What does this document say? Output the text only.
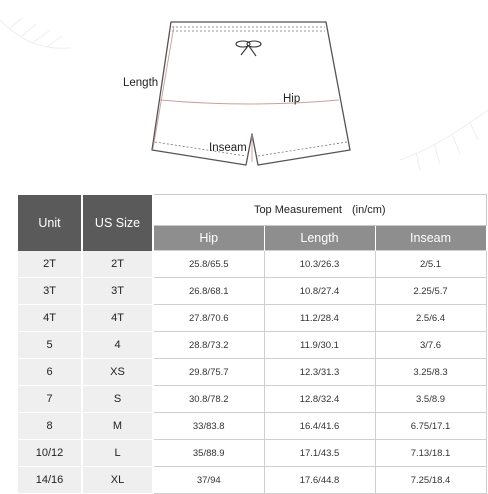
Length
Hip
Inseam
Unit	US Size	Top Measurement (in/cm)		
		Hip	Length	Inseam
2T	2T	25.8/65.5	10.3/26.3	2/5.1
3T	3T	26.8/68.1	10.8/27.4	2.25/5.7
4T	4T	27.8/70.6	11.2/28.4	2.5/6.4
5	4	28.8/73.2	11.9/30.1	3/7.6
6	XS	29.8/75.7	12.3/31.3	3.25/8.3
7	S	30.8/78.2	12.8/32.4	3.5/8.9
8	M	33/83.8	16.4/41.6	6.75/17.1
10/12	L	35/88.9	17.1/43.5	7.13/18.1
14/16	XL	37/94	17.6/44.8	7.25/18.4
